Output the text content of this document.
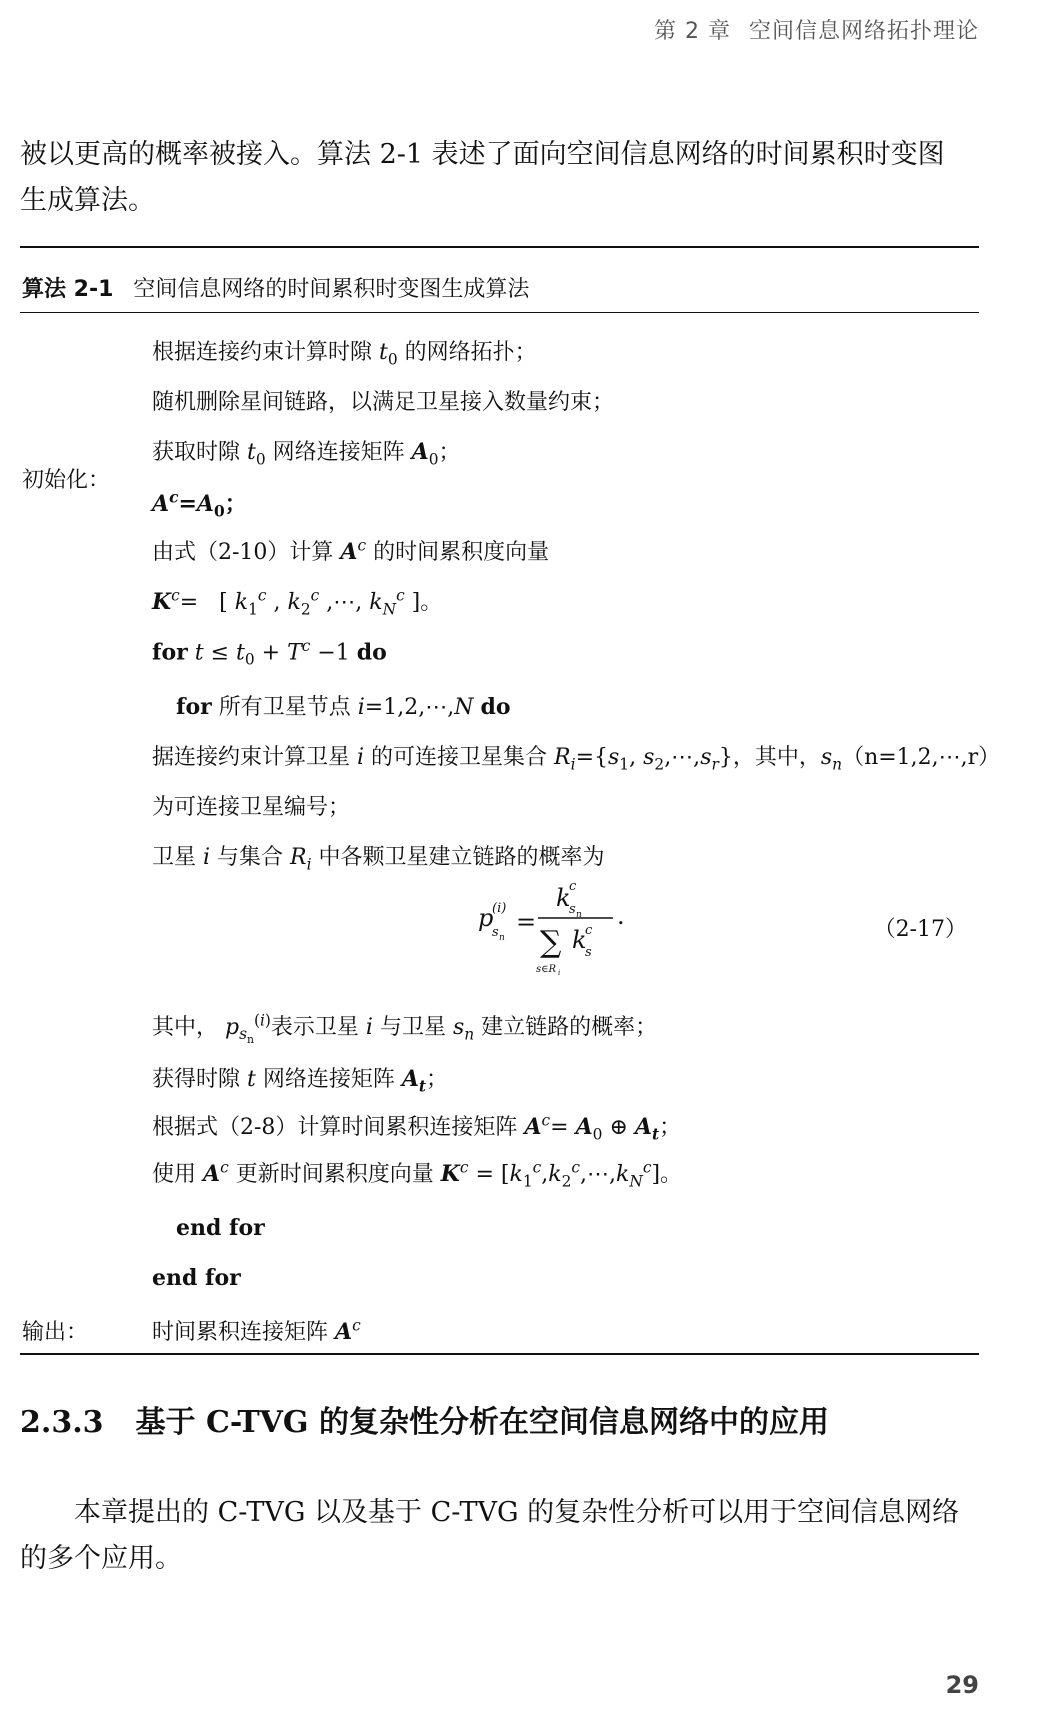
第 2 章 空间信息网络拓扑理论
被以更高的概率被接入。算法 2-1 表述了面向空间信息网络的时间累积时变图
生成算法。
算法 2-1 空间信息网络的时间累积时变图生成算法
初始化：
根据连接约束计算时隙 $t_0$ 的网络拓扑；
随机删除星间链路，以满足卫星接入数量约束；
获取时隙 $t_0$ 网络连接矩阵 $A_0$；
$A^c=A_0$；
由式（2-10）计算 $A^c$ 的时间累积度向量
$K^c=$   [ $k_1^c$ , $k_2^c$ ,⋯, $k_N^c$ ]。
for $t \le t_0 + T^c -1$ do
for 所有卫星节点 i=1,2,⋯,N do
据连接约束计算卫星 i 的可连接卫星集合 $R_i=\{s_1$, $s_2,\cdots,s_r$}，其中，$s_n(n=1,2,\cdots,r)$
为可连接卫星编号；
卫星 i 与集合 $R_i$ 中各颗卫星建立链路的概率为
p
(i)
s n
=
k
c
s n
∑ k
c
s
s∈R i
.	（2-17）
其中， $p_{s_n}^{(i)}$表示卫星 i 与卫星 $s_n$ 建立链路的概率；
获得时隙 t 网络连接矩阵 $A_t$；
根据式（2-8）计算时间累积连接矩阵 $A^c= A_0$ ⊕ $A_t$；
使用 $A^c$ 更新时间累积度向量 $K^c$ = $[k_1^c,k_2^c,\cdots,k_N^c]$。
end for
end for
输出：	时间累积连接矩阵 $A^c$
2.3.3 基于 C-TVG 的复杂性分析在空间信息网络中的应用
本章提出的 C-TVG 以及基于 C-TVG 的复杂性分析可以用于空间信息网络
的多个应用。
29
